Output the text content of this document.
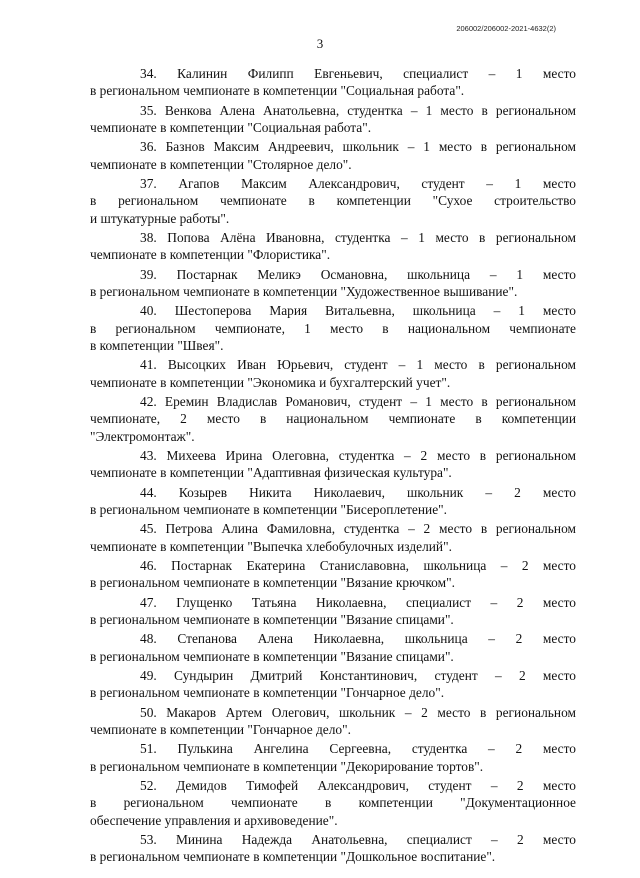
206002/206002-2021-4632(2)
3
34. Калинин Филипп Евгеньевич, специалист – 1 место
в региональном чемпионате в компетенции "Социальная работа".
35. Венкова Алена Анатольевна, студентка – 1 место в региональном
чемпионате в компетенции "Социальная работа".
36. Базнов Максим Андреевич, школьник – 1 место в региональном
чемпионате в компетенции "Столярное дело".
37. Агапов Максим Александрович, студент – 1 место
в региональном чемпионате в компетенции "Сухое строительство
и штукатурные работы".
38. Попова Алёна Ивановна, студентка – 1 место в региональном
чемпионате в компетенции "Флористика".
39. Постарнак Меликэ Османовна, школьница – 1 место
в региональном чемпионате в компетенции "Художественное вышивание".
40. Шестоперова Мария Витальевна, школьница – 1 место
в региональном чемпионате, 1 место в национальном чемпионате
в компетенции "Швея".
41. Высоцких Иван Юрьевич, студент – 1 место в региональном
чемпионате в компетенции "Экономика и бухгалтерский учет".
42. Еремин Владислав Романович, студент – 1 место в региональном
чемпионате, 2 место в национальном чемпионате в компетенции
"Электромонтаж".
43. Михеева Ирина Олеговна, студентка – 2 место в региональном
чемпионате в компетенции "Адаптивная физическая культура".
44. Козырев Никита Николаевич, школьник – 2 место
в региональном чемпионате в компетенции "Бисероплетение".
45. Петрова Алина Фамиловна, студентка – 2 место в региональном
чемпионате в компетенции "Выпечка хлебобулочных изделий".
46. Постарнак Екатерина Станиславовна, школьница – 2 место
в региональном чемпионате в компетенции "Вязание крючком".
47. Глущенко Татьяна Николаевна, специалист – 2 место
в региональном чемпионате в компетенции "Вязание спицами".
48. Степанова Алена Николаевна, школьница – 2 место
в региональном чемпионате в компетенции "Вязание спицами".
49. Сундырин Дмитрий Константинович, студент – 2 место
в региональном чемпионате в компетенции "Гончарное дело".
50. Макаров Артем Олегович, школьник – 2 место в региональном
чемпионате в компетенции "Гончарное дело".
51. Пулькина Ангелина Сергеевна, студентка – 2 место
в региональном чемпионате в компетенции "Декорирование тортов".
52. Демидов Тимофей Александрович, студент – 2 место
в региональном чемпионате в компетенции "Документационное
обеспечение управления и архивоведение".
53. Минина Надежда Анатольевна, специалист – 2 место
в региональном чемпионате в компетенции "Дошкольное воспитание".
